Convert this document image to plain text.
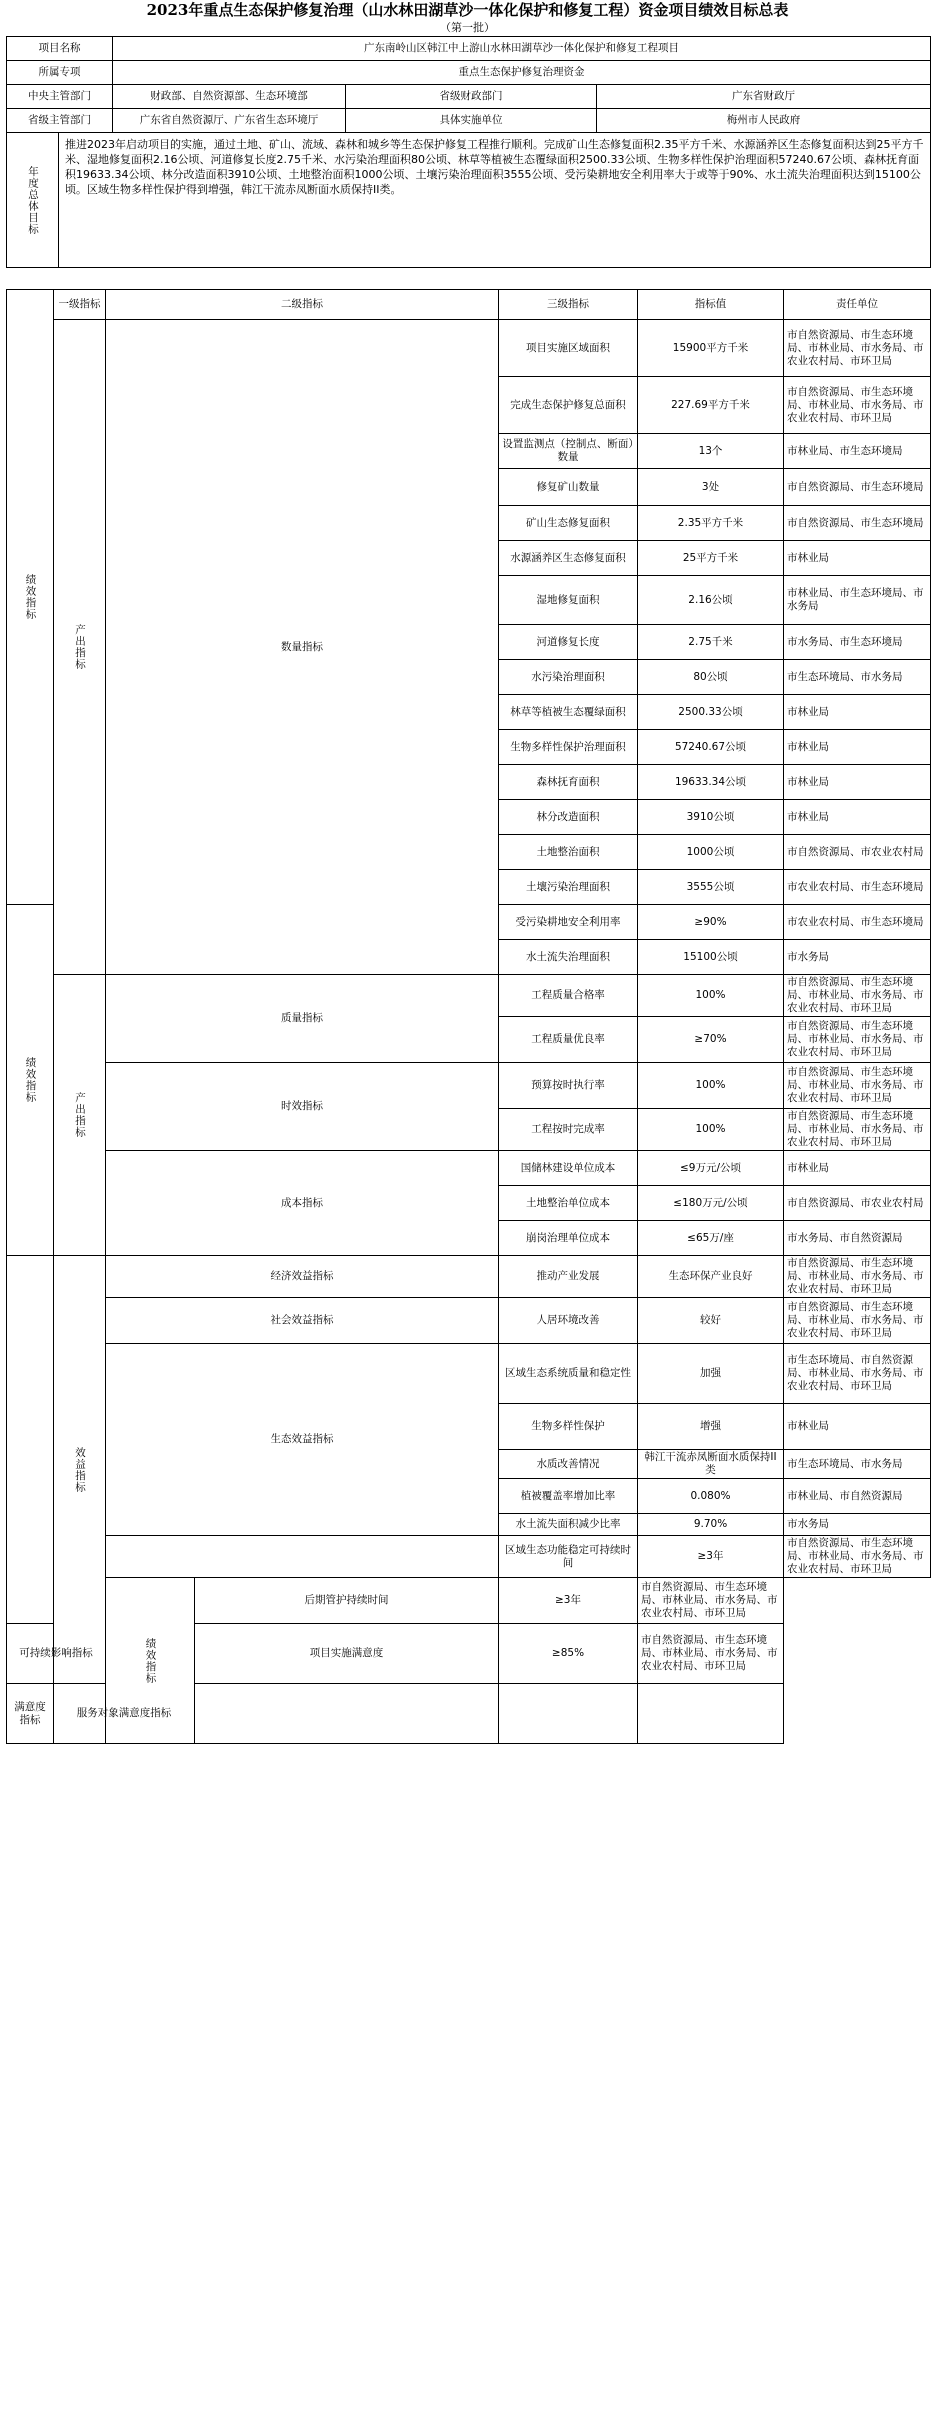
2023年重点生态保护修复治理（山水林田湖草沙一体化保护和修复工程）资金项目绩效目标总表
（第一批）
项目名称		广东南岭山区韩江中上游山水林田湖草沙一体化保护和修复工程项目		
所属专项		重点生态保护修复治理资金		
中央主管部门		财政部、自然资源部、生态环境部	省级财政部门	广东省财政厅
省级主管部门		广东省自然资源厅、广东省生态环境厅	具体实施单位	梅州市人民政府
年度总体目标	推进2023年启动项目的实施，通过土地、矿山、流域、森林和城乡等生态保护修复工程推行顺利。完成矿山生态修复面积2.35平方千米、水源涵养区生态修复面积达到25平方千米、湿地修复面积2.16公顷、河道修复长度2.75千米、水污染治理面积80公顷、林草等植被生态覆绿面积2500.33公顷、生物多样性保护治理面积57240.67公顷、森林抚育面积19633.34公顷、林分改造面积3910公顷、土地整治面积1000公顷、土壤污染治理面积3555公顷、受污染耕地安全利用率大于或等于90%、水土流失治理面积达到15100公顷。区域生物多样性保护得到增强，韩江干流赤凤断面水质保持II类。			
绩效指标	一级指标	二级指标		三级指标	指标值	责任单位
	产出指标	数量指标		项目实施区域面积	15900平方千米	市自然资源局、市生态环境局、市林业局、市水务局、市农业农村局、市环卫局
				完成生态保护修复总面积	227.69平方千米	市自然资源局、市生态环境局、市林业局、市水务局、市农业农村局、市环卫局
				设置监测点（控制点、断面）数量	13个	市林业局、市生态环境局
				修复矿山数量	3处	市自然资源局、市生态环境局
				矿山生态修复面积	2.35平方千米	市自然资源局、市生态环境局
				水源涵养区生态修复面积	25平方千米	市林业局
				湿地修复面积	2.16公顷	市林业局、市生态环境局、市水务局
				河道修复长度	2.75千米	市水务局、市生态环境局
				水污染治理面积	80公顷	市生态环境局、市水务局
				林草等植被生态覆绿面积	2500.33公顷	市林业局
				生物多样性保护治理面积	57240.67公顷	市林业局
				森林抚育面积	19633.34公顷	市林业局
				林分改造面积	3910公顷	市林业局
				土地整治面积	1000公顷	市自然资源局、市农业农村局
				土壤污染治理面积	3555公顷	市农业农村局、市生态环境局
绩效指标				受污染耕地安全利用率	≥90%	市农业农村局、市生态环境局
				水土流失治理面积	15100公顷	市水务局
	产出指标	质量指标		工程质量合格率	100%	市自然资源局、市生态环境局、市林业局、市水务局、市农业农村局、市环卫局
				工程质量优良率	≥70%	市自然资源局、市生态环境局、市林业局、市水务局、市农业农村局、市环卫局
		时效指标		预算按时执行率	100%	市自然资源局、市生态环境局、市林业局、市水务局、市农业农村局、市环卫局
				工程按时完成率	100%	市自然资源局、市生态环境局、市林业局、市水务局、市农业农村局、市环卫局
		成本指标		国储林建设单位成本	≤9万元/公顷	市林业局
				土地整治单位成本	≤180万元/公顷	市自然资源局、市农业农村局
				崩岗治理单位成本	≤65万/座	市水务局、市自然资源局
	效益指标	经济效益指标		推动产业发展	生态环保产业良好	市自然资源局、市生态环境局、市林业局、市水务局、市农业农村局、市环卫局
		社会效益指标		人居环境改善	较好	市自然资源局、市生态环境局、市林业局、市水务局、市农业农村局、市环卫局
		生态效益指标		区域生态系统质量和稳定性	加强	市生态环境局、市自然资源局、市林业局、市水务局、市农业农村局、市环卫局
				生物多样性保护	增强	市林业局
				水质改善情况	韩江干流赤凤断面水质保持II类	市生态环境局、市水务局
				植被覆盖率增加比率	0.080%	市林业局、市自然资源局
				水土流失面积减少比率	9.70%	市水务局
				区域生态功能稳定可持续时间	≥3年	市自然资源局、市生态环境局、市林业局、市水务局、市农业农村局、市环卫局
		绩效指标	后期管护持续时间	≥3年	市自然资源局、市生态环境局、市林业局、市水务局、市农业农村局、市环卫局	
可持续影响指标			项目实施满意度	≥85%	市自然资源局、市生态环境局、市林业局、市水务局、市农业农村局、市环卫局	
满意度指标	服务对象满意度指标					
